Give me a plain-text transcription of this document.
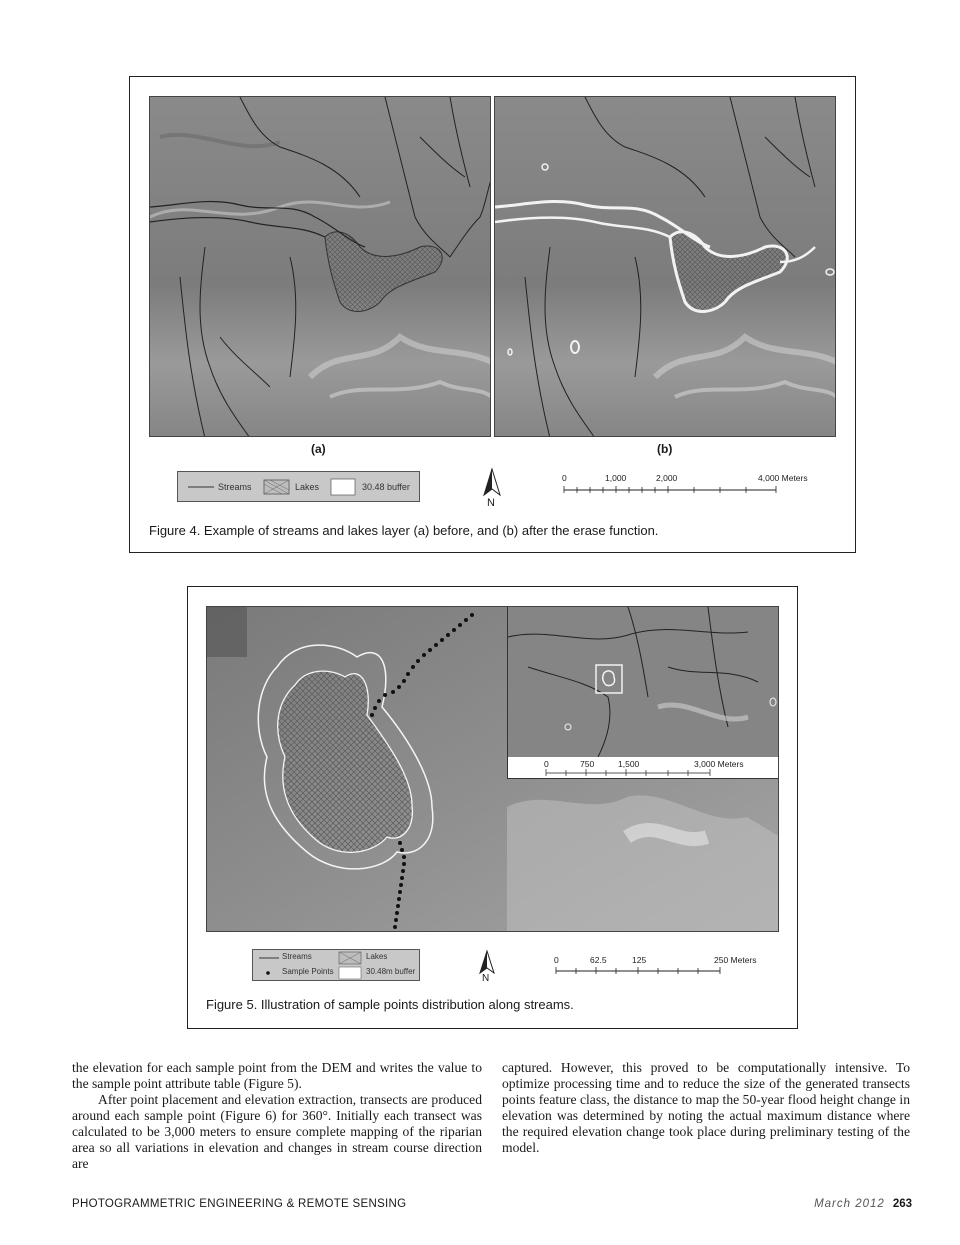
(a)	(b)
Streams	Lakes	30.48 buffer
N
0	1,000	2,000	4,000 Meters
Figure 4. Example of streams and lakes layer (a) before, and (b) after the erase function.
0	750	1,500	3,000 Meters
Streams
Sample Points
Lakes
30.48m buffer
N
0	62.5	125	250 Meters
Figure 5. Illustration of sample points distribution along streams.

the elevation for each sample point from the DEM and writes the value to the sample point attribute table (Figure 5).

After point placement and elevation extraction, transects are produced around each sample point (Figure 6) for 360°. Initially each transect was calculated to be 3,000 meters to ensure complete mapping of the riparian area so all variations in elevation and changes in stream course direction are

captured. However, this proved to be computationally intensive. To optimize processing time and to reduce the size of the generated transects points feature class, the distance to map the 50-year flood height change in elevation was determined by noting the actual maximum distance where the required elevation change took place during preliminary testing of the model.

PHOTOGRAMMETRIC ENGINEERING & REMOTE SENSING	March 2012 263
